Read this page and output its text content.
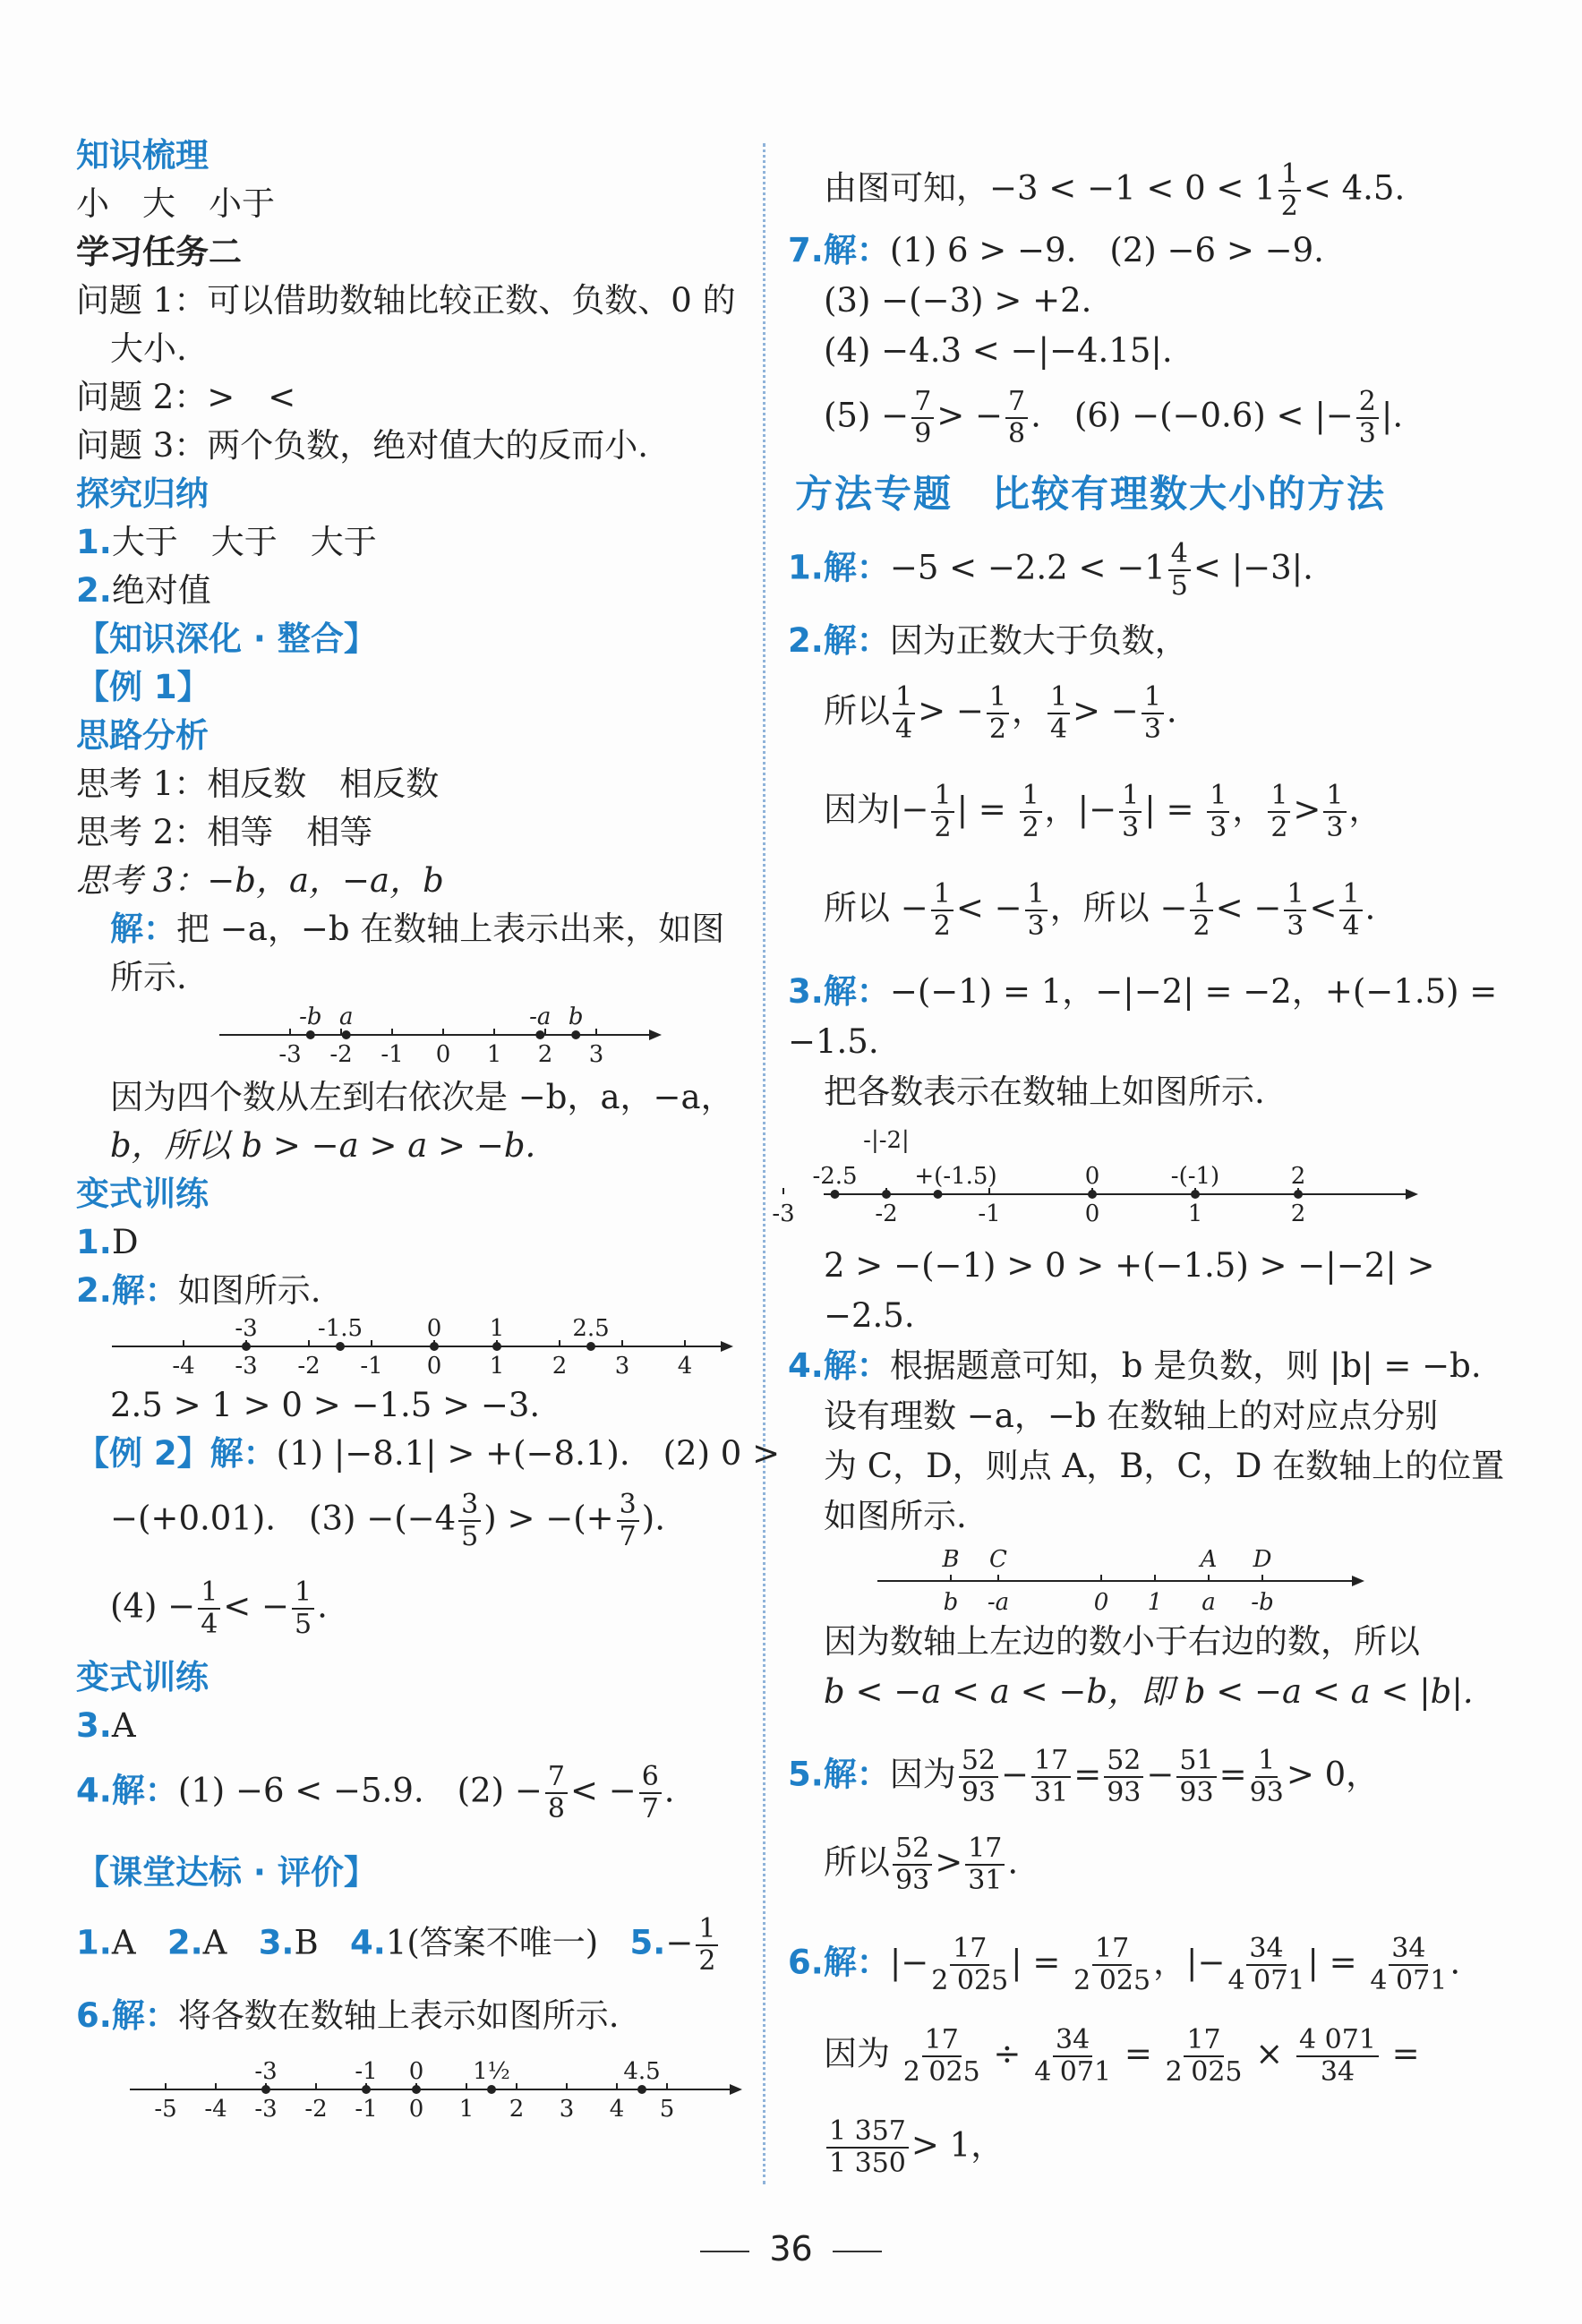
知识梳理
小　大　小于
学习任务二
问题 1：可以借助数轴比较正数、负数、0 的
大小.
问题 2：>　<
问题 3：两个负数，绝对值大的反而小.
探究归纳
1.大于　大于　大于
2.绝对值
【知识深化 · 整合】
【例 1】
思路分析
思考 1：相反数　相反数
思考 2：相等　相等
思考 3：−b，a，−a，b
解：把 −a，−b 在数轴上表示出来，如图
所示.
-3 -2 -1 0 1 2 3
-b a	-a b
因为四个数从左到右依次是 −b，a，−a，
b，所以 b > −a > a > −b.
变式训练
1.D
2.解：如图所示.
-4 -3 -2 -1 0 1 2 3 4
-3	-1.5	0 1	2.5
2.5 > 1 > 0 > −1.5 > −3.
【例 2】解：(1) |−8.1| > +(−8.1).　(2) 0 >
−(+0.01).　$(3) -(-4 \frac{3}{5}$ ) > −(+ $\frac{3}{7}$ ).
$(4) - \frac{1}{4}$ < − $\frac{1}{5}$ .
变式训练
3.A
4.解：(1) −6 < −5.9.　$(2) - \frac{7}{8}$ < − $\frac{6}{7}$ .
【课堂达标 · 评价】
1.A 2.A 3.B 4.1(答案不唯一) $5.- \frac{1}{2}$
6.解：将各数在数轴上表示如图所示.
-5 -4 -3 -2 -1 0 1 2 3 4 5
-3	-1 0 1½	4.5
由图可知，$-3 < -1 < 0 < 1 \frac{1}{2} < 4.5$.
7.解：(1) 6 > −9.　(2) −6 > −9.
(3) −(−3) > +2.
(4) −4.3 < −|−4.15|.
$(5) - \frac{7}{9}$ > − $\frac{7}{8}$ .　(6) −(−0.6) < |− $\frac{2}{3}$ |.
方法专题　比较有理数大小的方法
1.解：$-5 < -2.2 < -1 \frac{4}{5} < |-3|$.
2.解：因为正数大于负数，
所以 $\frac{1}{4}$ > − $\frac{1}{2}$ ， $\frac{1}{4}$ > − $\frac{1}{3}$ .
因为|− $\frac{1}{2}$ | = $\frac{1}{2}$ ，|− $\frac{1}{3}$ | = $\frac{1}{3}$ ， $\frac{1}{2} > \frac{1}{3}$ ，
所以 − $\frac{1}{2}$ < − $\frac{1}{3}$ ，所以 − $\frac{1}{2}$ < − $\frac{1}{3} < \frac{1}{4}$ .
3.解：−(−1) = 1，−|−2| = −2，+(−1.5) =
−1.5.
把各数表示在数轴上如图所示.
-3	-2	-1	0	1	2
-2.5
-|-2|
+(-1.5)	0	-(-1)	2
2 > −(−1) > 0 > +(−1.5) > −|−2| >
−2.5.
4.解：根据题意可知，b 是负数，则 |b| = −b.
设有理数 −a，−b 在数轴上的对应点分别
为 C，D，则点 A，B，C，D 在数轴上的位置
如图所示.
b -a	0 1 a -b
B C	A D
因为数轴上左边的数小于右边的数，所以
b < −a < a < −b，即 b < −a < a < |b|.
5.解：因为 $\frac{52}{93} - \frac{17}{31} = \frac{52}{93} - \frac{51}{93} = \frac{1}{93} > 0$，
所以 $\frac{52}{93} > \frac{17}{31}$ .
6.解：|− $\frac{17}{2 025}$ | = $\frac{17}{2 025}$ ，|− $\frac{34}{4 071}$ | = $\frac{34}{4 071}$ .
因为 $\frac{17}{2 025} \div \frac{34}{4 071} = \frac{17}{2 025} \times \frac{4 071}{34}$ =
$\frac{1 357}{1 350} > 1$，
36
